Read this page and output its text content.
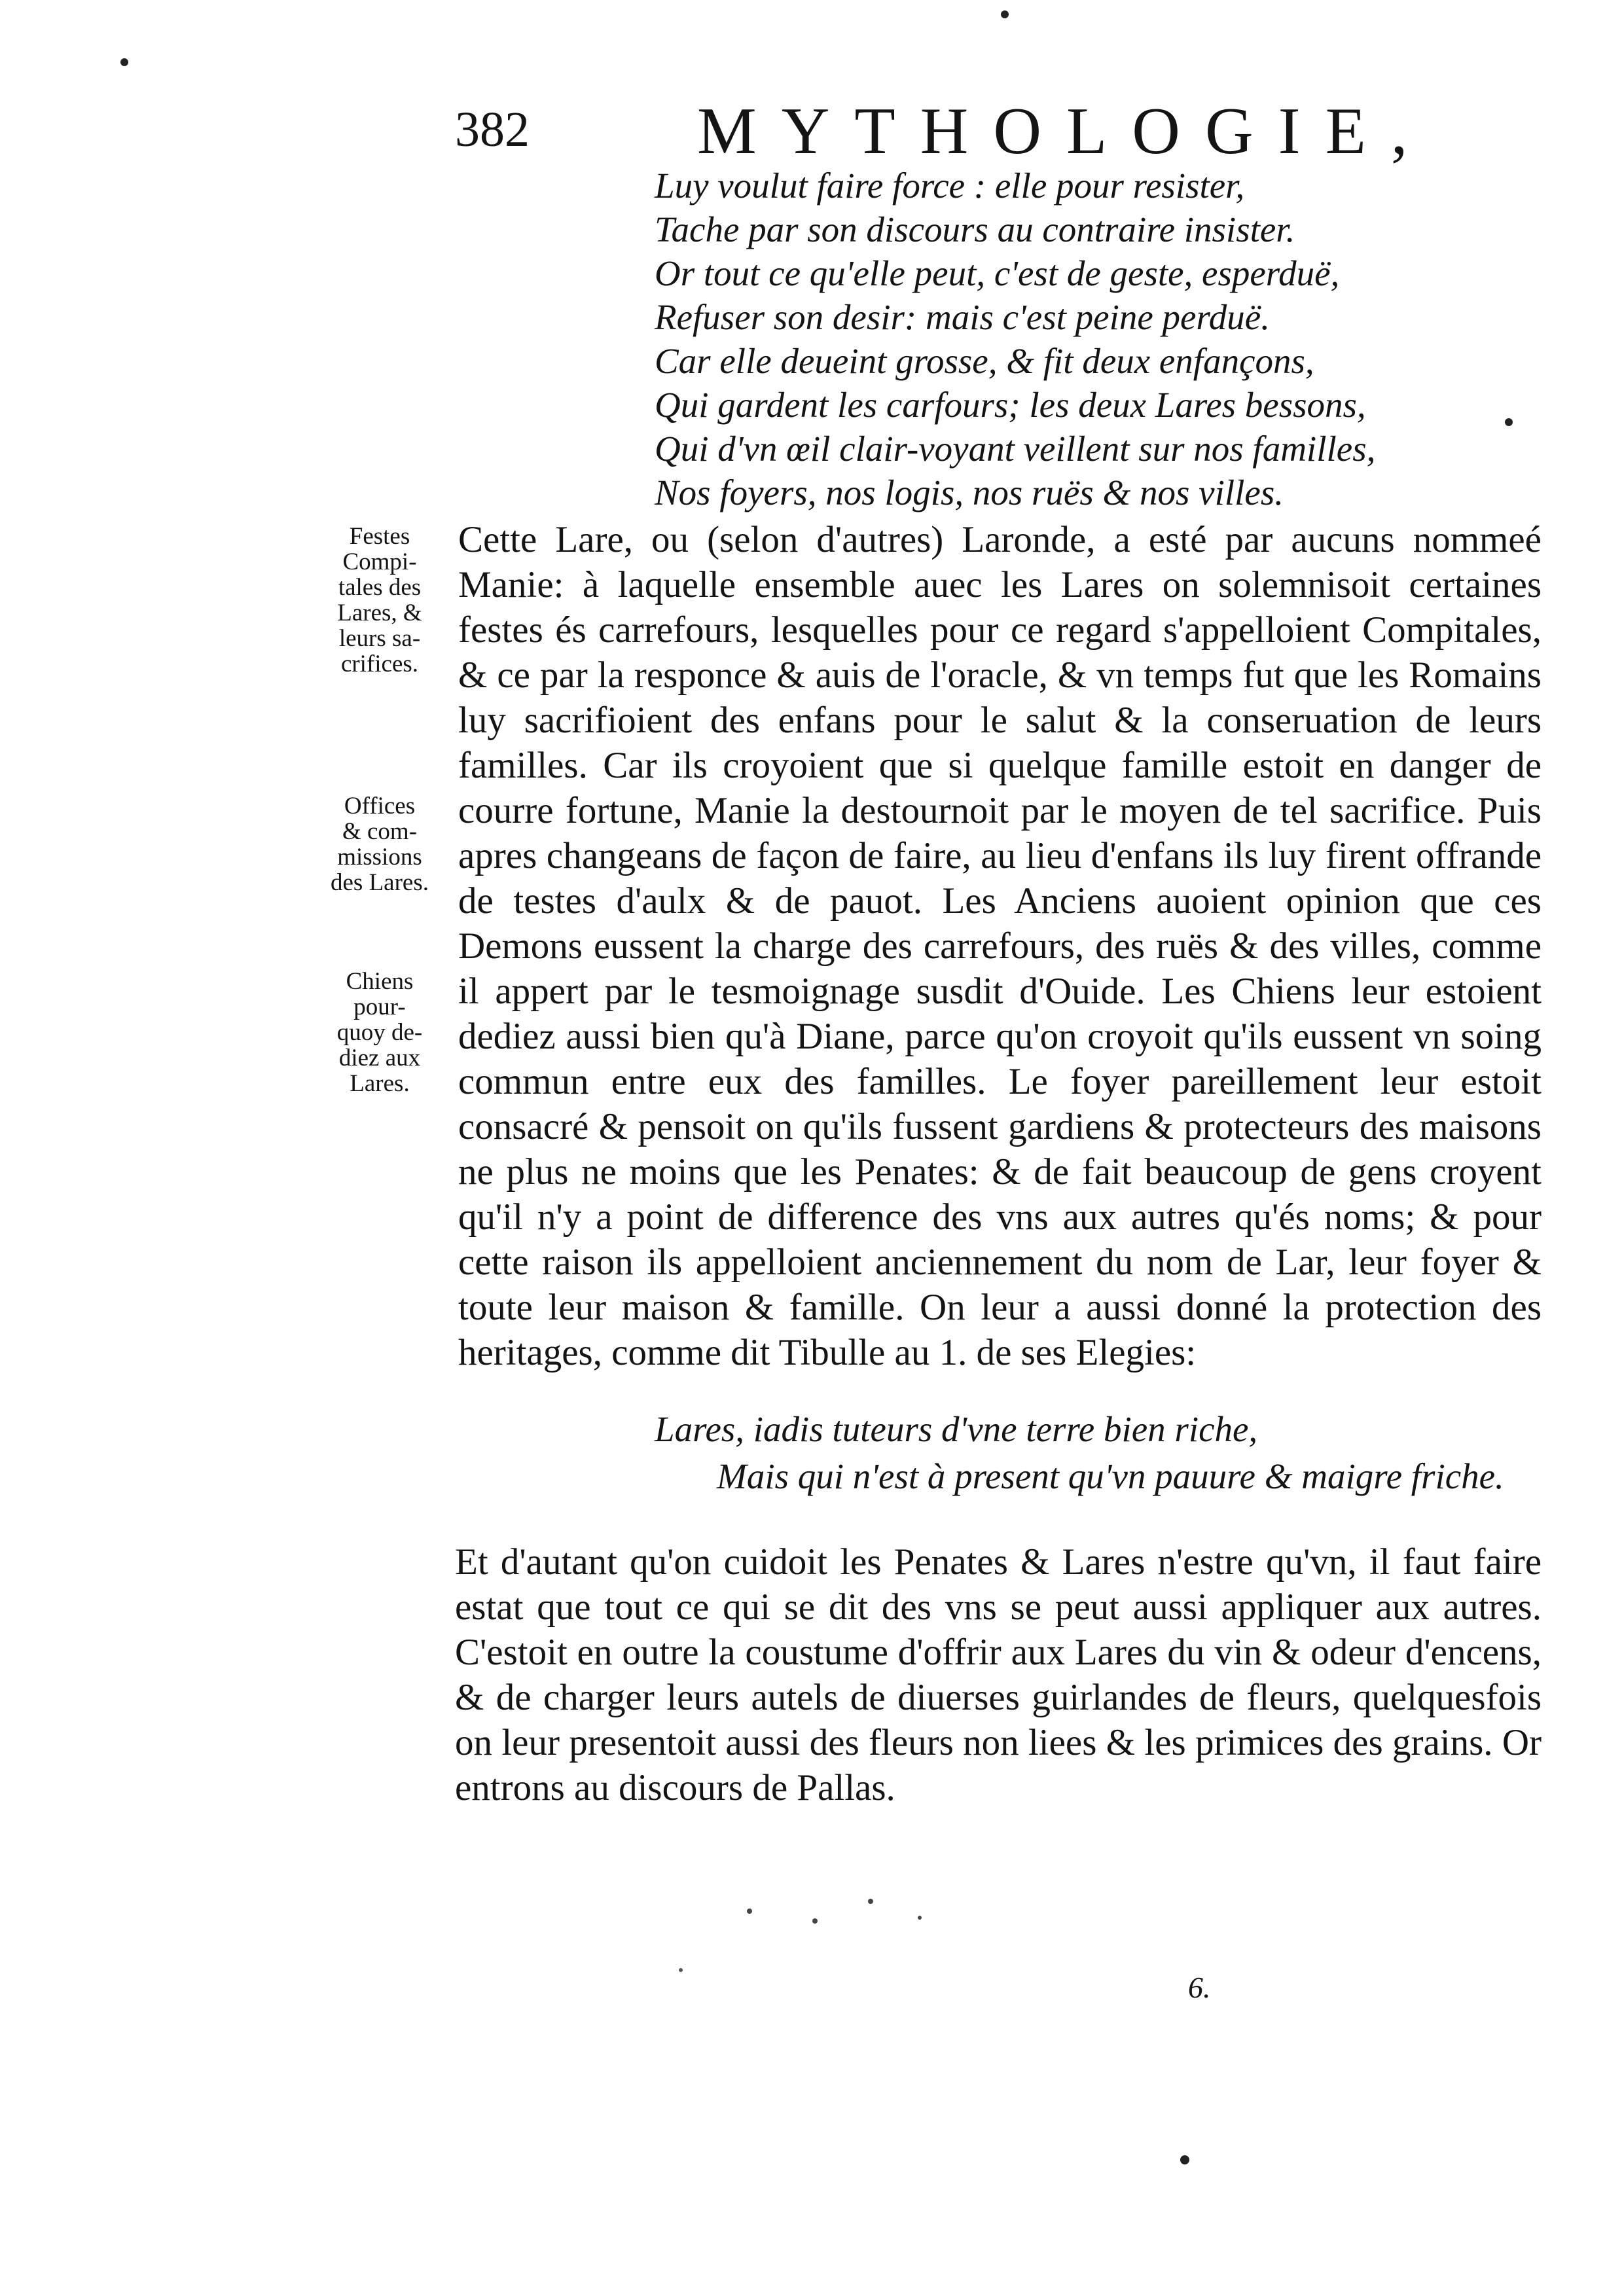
382	MYTHOLOGIE,
Luy voulut faire force : elle pour resister,
Tache par son discours au contraire insister.
Or tout ce qu'elle peut, c'est de geste, esperduë,
Refuser son desir: mais c'est peine perduë.
Car elle deueint grosse, & fit deux enfançons,
Qui gardent les carfours; les deux Lares bessons,
Qui d'vn œil clair-voyant veillent sur nos familles,
Nos foyers, nos logis, nos ruës & nos villes.
Festes
Compi-
tales des
Lares, &
leurs sa-
crifices.
Offices
& com-
missions
des Lares.
Chiens
pour-
quoy de-
diez aux
Lares.
Cette Lare, ou (selon d'autres) Laronde, a esté par aucuns nommeé Manie: à laquelle ensemble auec les Lares on solemnisoit certaines festes és carrefours, lesquelles pour ce regard s'appelloient Compitales, & ce par la responce & auis de l'oracle, & vn temps fut que les Romains luy sacrifioient des enfans pour le salut & la conseruation de leurs familles. Car ils croyoient que si quelque famille estoit en danger de courre fortune, Manie la destournoit par le moyen de tel sacrifice. Puis apres changeans de façon de faire, au lieu d'enfans ils luy firent offrande de testes d'aulx & de pauot. Les Anciens auoient opinion que ces Demons eussent la charge des carrefours, des ruës & des villes, comme il appert par le tesmoignage susdit d'Ouide. Les Chiens leur estoient dediez aussi bien qu'à Diane, parce qu'on croyoit qu'ils eussent vn soing commun entre eux des familles. Le foyer pareillement leur estoit consacré & pensoit on qu'ils fussent gardiens & protecteurs des maisons ne plus ne moins que les Penates: & de fait beaucoup de gens croyent qu'il n'y a point de difference des vns aux autres qu'és noms; & pour cette raison ils appelloient anciennement du nom de Lar, leur foyer & toute leur maison & famille. On leur a aussi donné la protection des heritages, comme dit Tibulle au 1. de ses Elegies:
Lares, iadis tuteurs d'vne terre bien riche,
Mais qui n'est à present qu'vn pauure & maigre friche.
Et d'autant qu'on cuidoit les Penates & Lares n'estre qu'vn, il faut faire estat que tout ce qui se dit des vns se peut aussi appliquer aux autres. C'estoit en outre la coustume d'offrir aux Lares du vin & odeur d'encens, & de charger leurs autels de diuerses guirlandes de fleurs, quelquesfois on leur presentoit aussi des fleurs non liees & les primices des grains. Or entrons au discours de Pallas.
6.
